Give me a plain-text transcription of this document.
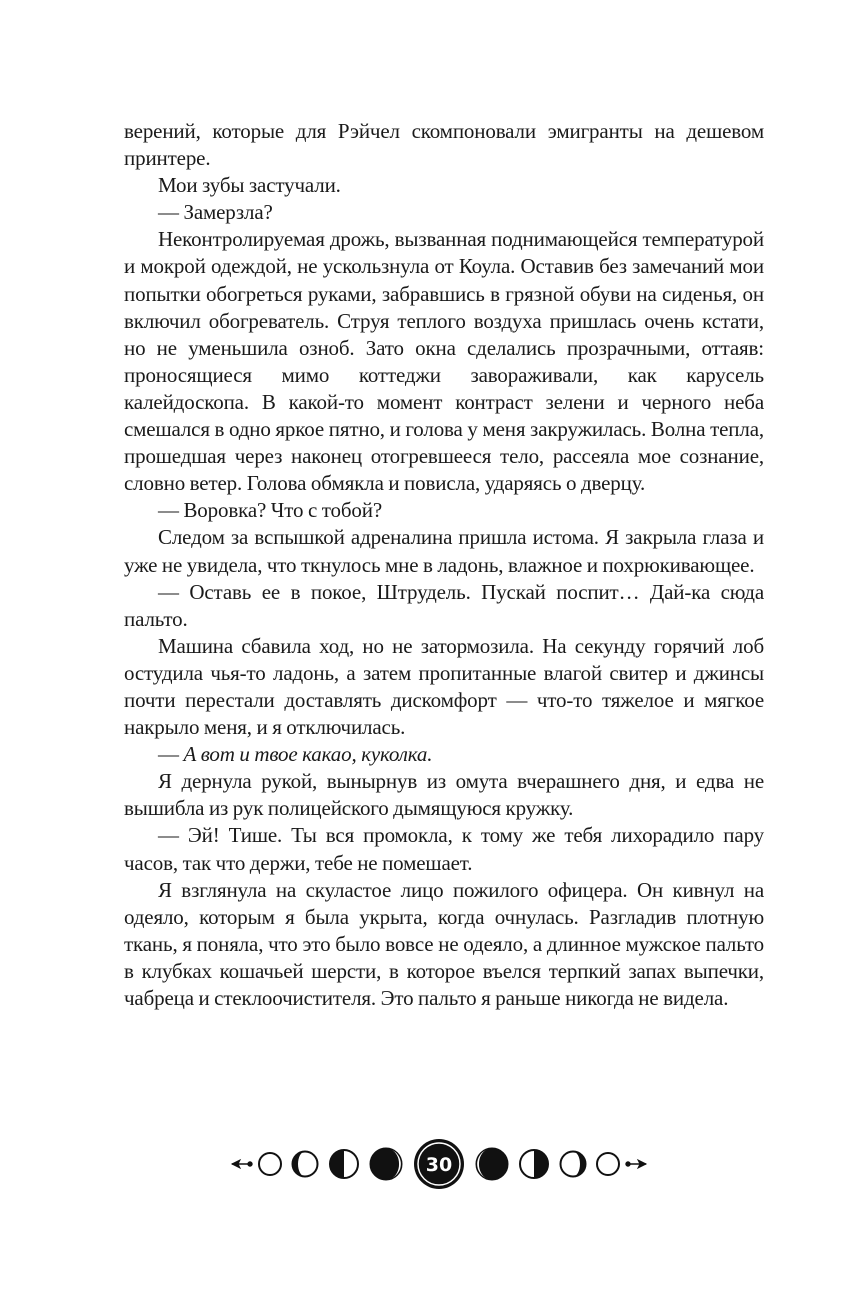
верений, которые для Рэйчел скомпоновали эмигранты на дешевом принтере.

Мои зубы застучали.

— Замерзла?

Неконтролируемая дрожь, вызванная поднимающейся температурой и мокрой одеждой, не ускользнула от Коула. Оставив без замечаний мои попытки обогреться руками, забравшись в грязной обуви на сиденья, он включил обогреватель. Струя теплого воздуха пришлась очень кстати, но не уменьшила озноб. Зато окна сделались прозрачными, оттаяв: проносящиеся мимо коттеджи завораживали, как карусель калейдоскопа. В какой-то момент контраст зелени и черного неба смешался в одно яркое пятно, и голова у меня закружилась. Волна тепла, прошедшая через наконец отогревшееся тело, рассеяла мое сознание, словно ветер. Голова обмякла и повисла, ударяясь о дверцу.

— Воровка? Что с тобой?

Следом за вспышкой адреналина пришла истома. Я закрыла глаза и уже не увидела, что ткнулось мне в ладонь, влажное и похрюкивающее.

— Оставь ее в покое, Штрудель. Пускай поспит… Дай-ка сюда пальто.

Машина сбавила ход, но не затормозила. На секунду горячий лоб остудила чья-то ладонь, а затем пропитанные влагой свитер и джинсы почти перестали доставлять дискомфорт — что-то тяжелое и мягкое накрыло меня, и я отключилась.

— А вот и твое какао, куколка.

Я дернула рукой, вынырнув из омута вчерашнего дня, и едва не вышибла из рук полицейского дымящуюся кружку.

— Эй! Тише. Ты вся промокла, к тому же тебя лихорадило пару часов, так что держи, тебе не помешает.

Я взглянула на скуластое лицо пожилого офицера. Он кивнул на одеяло, которым я была укрыта, когда очнулась. Разгладив плотную ткань, я поняла, что это было вовсе не одеяло, а длинное мужское пальто в клубках кошачьей шерсти, в которое въелся терпкий запах выпечки, чабреца и стеклоочистителя. Это пальто я раньше никогда не видела.

30
